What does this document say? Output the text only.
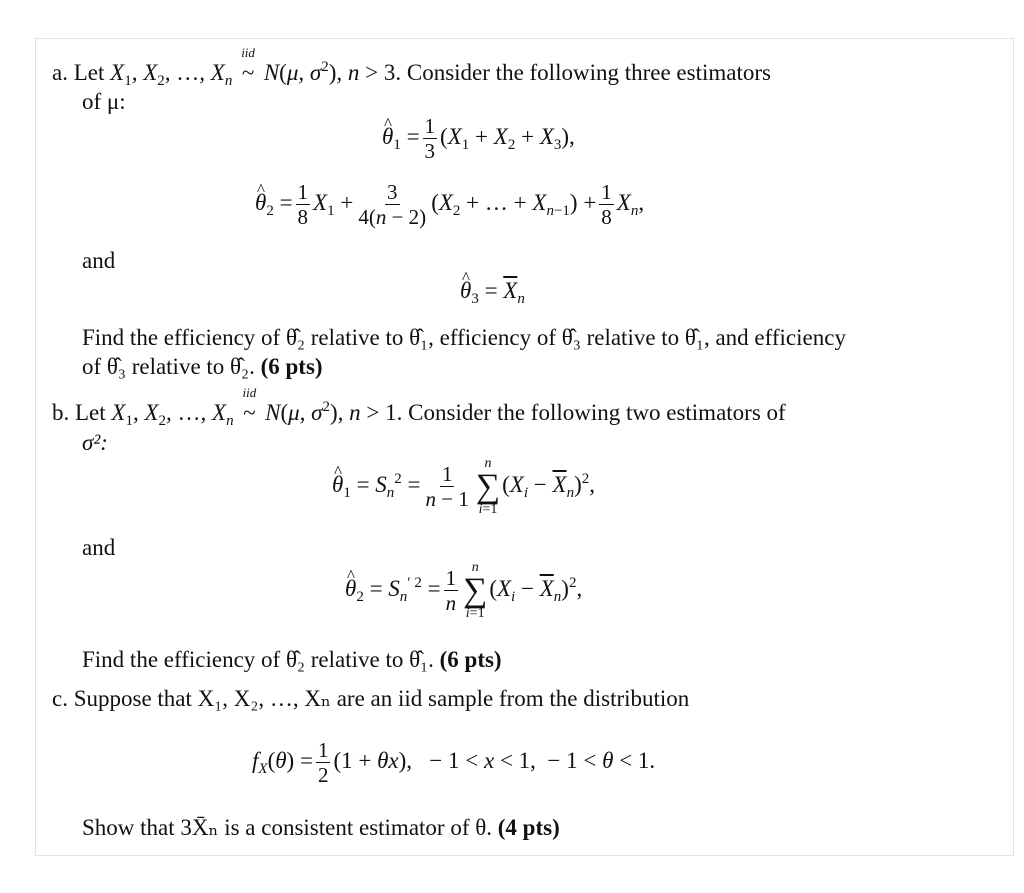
a. Let $X_1$, $X_2$, …, $X_n$
iid
~ N(μ, $\sigma^2$), n > 3. Consider the following three estimators
of μ:
^ $\theta_1 = \frac{1}{3} (X_1 + X_2 + X_3)$,
^ $\theta_2 = \frac{1}{8} X_1 + \frac{3}{4(n - 2)} (X_2$ + … + $X_{n-1}) + \frac{1}{8} X_n$,
and
^ $\theta_3 = \overline{X}_n$
Find the efficiency of θ̂₂ relative to θ̂₁, efficiency of θ̂₃ relative to θ̂₁, and efficiency
of θ̂₃ relative to θ̂₂. (6 pts)
b. Let $X_1$, $X_2$, …, $X_n$
iid
~ N(μ, $\sigma^2$), n > 1. Consider the following two estimators of
σ²:
^ $\theta_1 = S_n^2 = \frac{1}{n - 1}$ n
∑
i=1
$(X_i - \overline{X}_n)^2$,
and
^ $\theta_2 = S_n^{' 2} = \frac{1}{n}$ n
∑
i=1
$(X_i - \overline{X}_n)^2$,
Find the efficiency of θ̂₂ relative to θ̂₁. (6 pts)
c. Suppose that X₁, X₂, …, Xₙ are an iid sample from the distribution
$f_X(\theta) = \frac{1}{2} (1 + \theta x)$, − 1 < x < 1, − 1 < θ < 1.
Show that 3X̄ₙ is a consistent estimator of θ. (4 pts)
